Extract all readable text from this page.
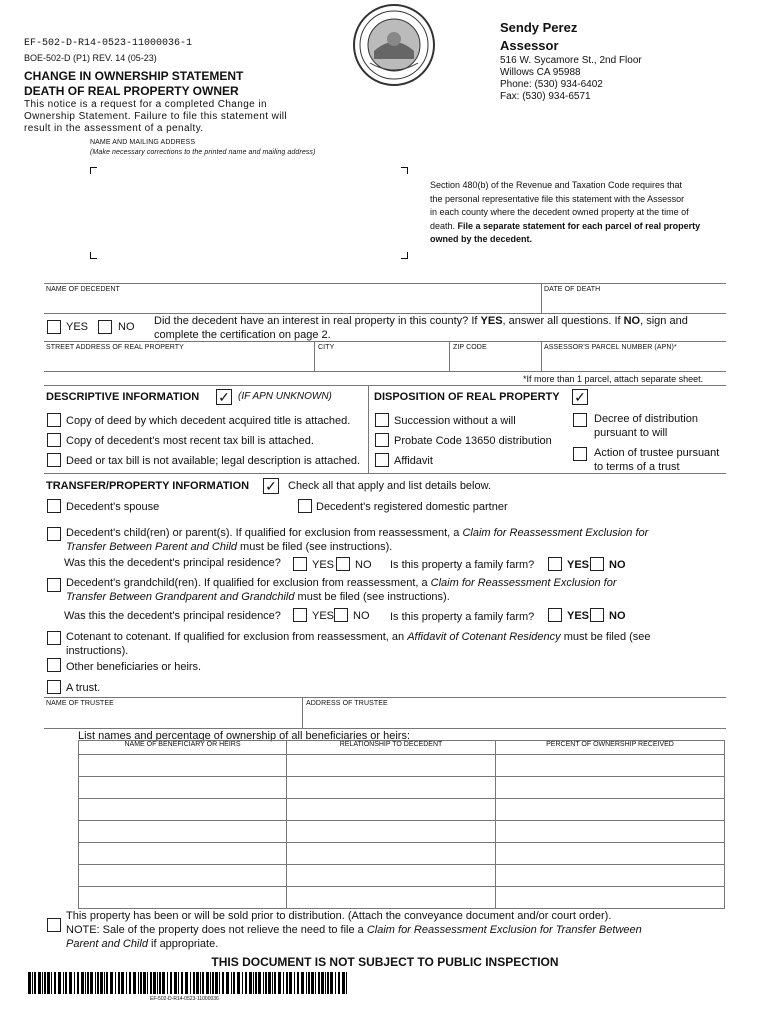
EF-502-D-R14-0523-11000036-1
BOE-502-D (P1) REV. 14 (05-23)
CHANGE IN OWNERSHIP STATEMENT
DEATH OF REAL PROPERTY OWNER
This notice is a request for a completed Change in
Ownership Statement. Failure to file this statement will
result in the assessment of a penalty.
NAME AND MAILING ADDRESS
(Make necessary corrections to the printed name and mailing address)
Sendy Perez
Assessor
516 W. Sycamore St., 2nd Floor
Willows CA 95988
Phone: (530) 934-6402
Fax: (530) 934-6571
Section 480(b) of the Revenue and Taxation Code requires that
the personal representative file this statement with the Assessor
in each county where the decedent owned property at the time of
death. File a separate statement for each parcel of real property
owned by the decedent.
NAME OF DECEDENT	DATE OF DEATH
YES	NO Did the decedent have an interest in real property in this county? If YES, answer all questions. If NO, sign and
complete the certification on page 2.
STREET ADDRESS OF REAL PROPERTY	CITY	ZIP CODE	ASSESSOR'S PARCEL NUMBER (APN)*
*If more than 1 parcel, attach separate sheet.
DESCRIPTIVE INFORMATION ✓ (IF APN UNKNOWN)
Copy of deed by which decedent acquired title is attached.
Copy of decedent's most recent tax bill is attached.
Deed or tax bill is not available; legal description is attached.
DISPOSITION OF REAL PROPERTY ✓
Succession without a will
Probate Code 13650 distribution
Affidavit
Decree of distribution
pursuant to will
Action of trustee pursuant
to terms of a trust
TRANSFER/PROPERTY INFORMATION ✓ Check all that apply and list details below.
Decedent's spouse	Decedent's registered domestic partner
Decedent's child(ren) or parent(s). If qualified for exclusion from reassessment, a Claim for Reassessment Exclusion for
Transfer Between Parent and Child must be filed (see instructions).
Was this the decedent's principal residence?	YES NO Is this property a family farm?	YES NO
Decedent's grandchild(ren). If qualified for exclusion from reassessment, a Claim for Reassessment Exclusion for
Transfer Between Grandparent and Grandchild must be filed (see instructions).
Was this the decedent's principal residence?	YES NO Is this property a family farm?	YES NO
Cotenant to cotenant. If qualified for exclusion from reassessment, an Affidavit of Cotenant Residency must be filed (see
instructions).
Other beneficiaries or heirs.
A trust.
NAME OF TRUSTEE	ADDRESS OF TRUSTEE
List names and percentage of ownership of all beneficiaries or heirs:
NAME OF BENEFICIARY OR HEIRS	RELATIONSHIP TO DECEDENT	PERCENT OF OWNERSHIP RECEIVED

This property has been or will be sold prior to distribution. (Attach the conveyance document and/or court order).
NOTE: Sale of the property does not relieve the need to file a Claim for Reassessment Exclusion for Transfer Between
Parent and Child if appropriate.
THIS DOCUMENT IS NOT SUBJECT TO PUBLIC INSPECTION
EF-502-D-R14-0523-11000036
